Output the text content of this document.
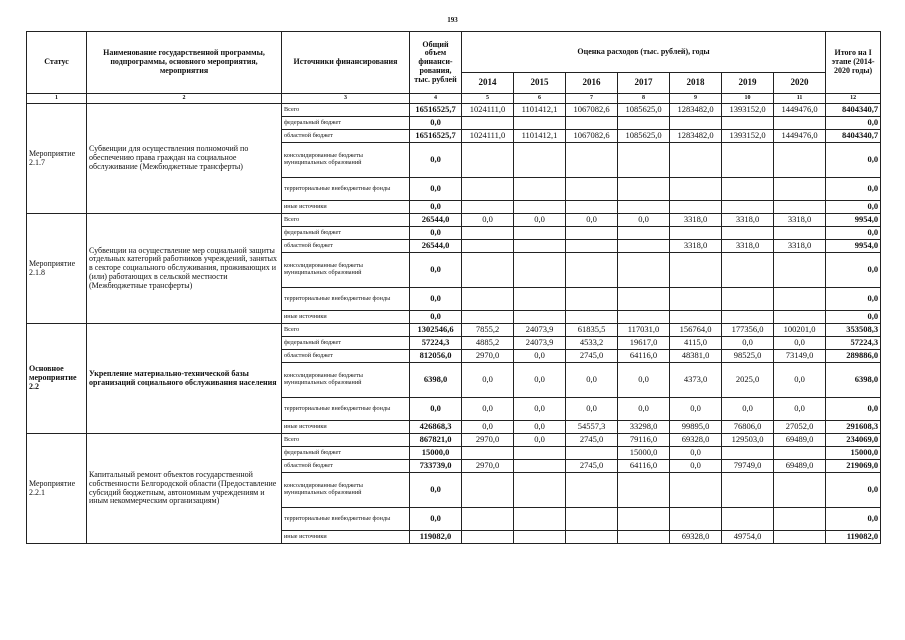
193
Статус	Наименование государственной программы, подпрограммы, основного мероприятия, мероприятия	Источники финансирования	Общий объем финанси-рования, тыс. рублей	Оценка расходов (тыс. рублей), годы							Итого на I этапе (2014-2020 годы)
				2014	2015	2016	2017	2018	2019	2020	
1	2	3	4	5	6	7	8	9	10	11	12
Мероприятие 2.1.7	Субвенции для осуществления полномочий по обеспечению права граждан на социальное обслуживание (Межбюджетные трансферты)	Всего	16516525,7	1024111,0	1101412,1	1067082,6	1085625,0	1283482,0	1393152,0	1449476,0	8404340,7
		федеральный бюджет	0,0								0,0
		областной бюджет	16516525,7	1024111,0	1101412,1	1067082,6	1085625,0	1283482,0	1393152,0	1449476,0	8404340,7
		консолидированные бюджеты муниципальных образований	0,0								0,0
		территориальные внебюджетные фонды	0,0								0,0
		иные источники	0,0								0,0
Мероприятие 2.1.8	Субвенции на осуществление мер социальной защиты отдельных категорий работников учреждений, занятых в секторе социального обслуживания, проживающих и (или) работающих в сельской местности (Межбюджетные трансферты)	Всего	26544,0	0,0	0,0	0,0	0,0	3318,0	3318,0	3318,0	9954,0
		федеральный бюджет	0,0								0,0
		областной бюджет	26544,0					3318,0	3318,0	3318,0	9954,0
		консолидированные бюджеты муниципальных образований	0,0								0,0
		территориальные внебюджетные фонды	0,0								0,0
		иные источники	0,0								0,0
Основное мероприятие 2.2	Укрепление материально-технической базы организаций социального обслуживания населения	Всего	1302546,6	7855,2	24073,9	61835,5	117031,0	156764,0	177356,0	100201,0	353508,3
		федеральный бюджет	57224,3	4885,2	24073,9	4533,2	19617,0	4115,0	0,0	0,0	57224,3
		областной бюджет	812056,0	2970,0	0,0	2745,0	64116,0	48381,0	98525,0	73149,0	289886,0
		консолидированные бюджеты муниципальных образований	6398,0	0,0	0,0	0,0	0,0	4373,0	2025,0	0,0	6398,0
		территориальные внебюджетные фонды	0,0	0,0	0,0	0,0	0,0	0,0	0,0	0,0	0,0
		иные источники	426868,3	0,0	0,0	54557,3	33298,0	99895,0	76806,0	27052,0	291608,3
Мероприятие 2.2.1	Капитальный ремонт объектов государственной собственности Белгородской области (Предоставление субсидий бюджетным, автономным учреждениям и иным некоммерческим организациям)	Всего	867821,0	2970,0	0,0	2745,0	79116,0	69328,0	129503,0	69489,0	234069,0
		федеральный бюджет	15000,0				15000,0	0,0			15000,0
		областной бюджет	733739,0	2970,0		2745,0	64116,0	0,0	79749,0	69489,0	219069,0
		консолидированные бюджеты муниципальных образований	0,0								0,0
		территориальные внебюджетные фонды	0,0								0,0
		иные источники	119082,0					69328,0	49754,0		119082,0
